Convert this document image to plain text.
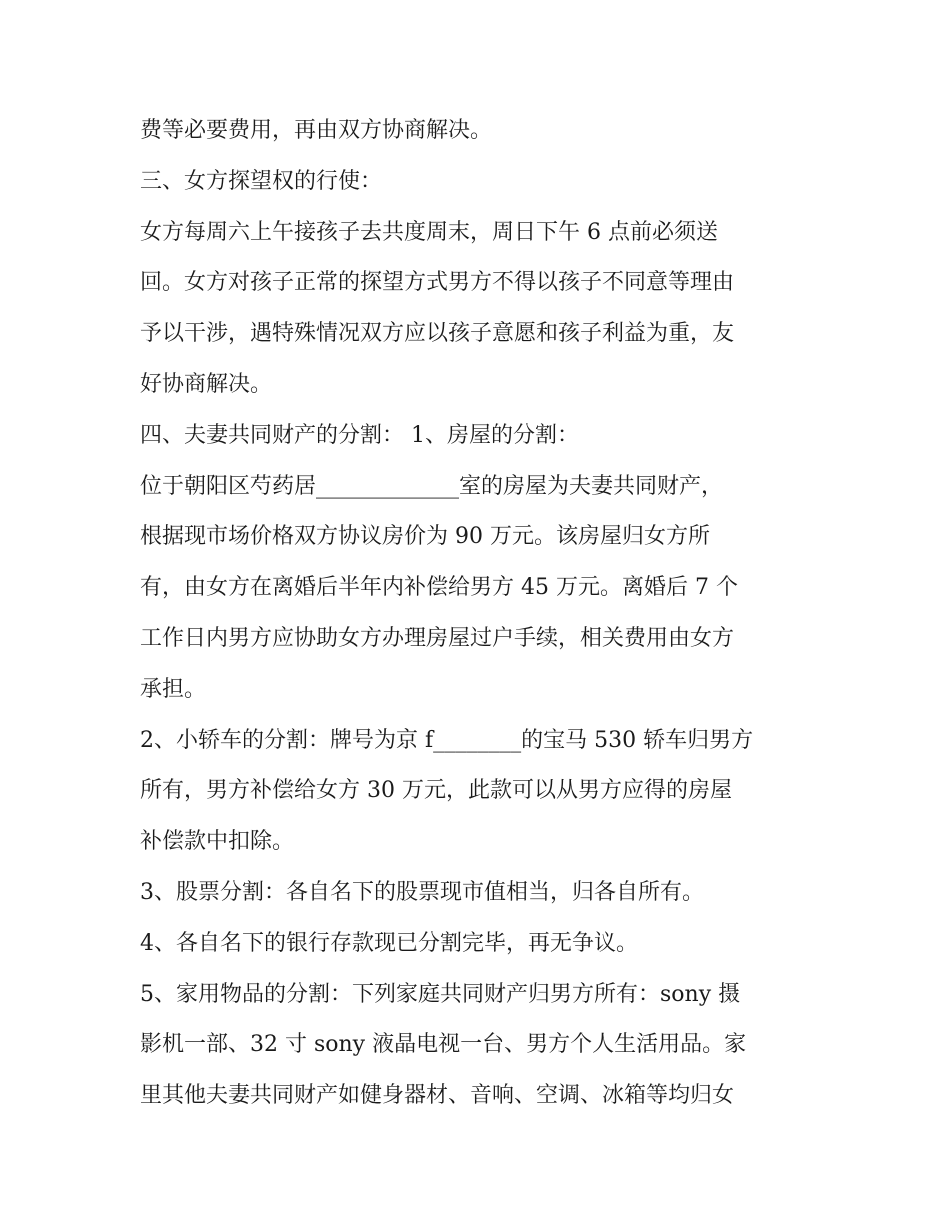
费等必要费用，再由双方协商解决。
三、女方探望权的行使：
女方每周六上午接孩子去共度周末，周日下午 6 点前必须送
回。女方对孩子正常的探望方式男方不得以孩子不同意等理由
予以干涉，遇特殊情况双方应以孩子意愿和孩子利益为重，友
好协商解决。
四、夫妻共同财产的分割： 1、房屋的分割：
位于朝阳区芍药居_____________室的房屋为夫妻共同财产，
根据现市场价格双方协议房价为 90 万元。该房屋归女方所
有，由女方在离婚后半年内补偿给男方 45 万元。离婚后 7 个
工作日内男方应协助女方办理房屋过户手续，相关费用由女方
承担。
2、小轿车的分割：牌号为京 f________的宝马 530 轿车归男方
所有，男方补偿给女方 30 万元，此款可以从男方应得的房屋
补偿款中扣除。
3、股票分割：各自名下的股票现市值相当，归各自所有。
4、各自名下的银行存款现已分割完毕，再无争议。
5、家用物品的分割：下列家庭共同财产归男方所有：sony 摄
影机一部、32 寸 sony 液晶电视一台、男方个人生活用品。家
里其他夫妻共同财产如健身器材、音响、空调、冰箱等均归女
